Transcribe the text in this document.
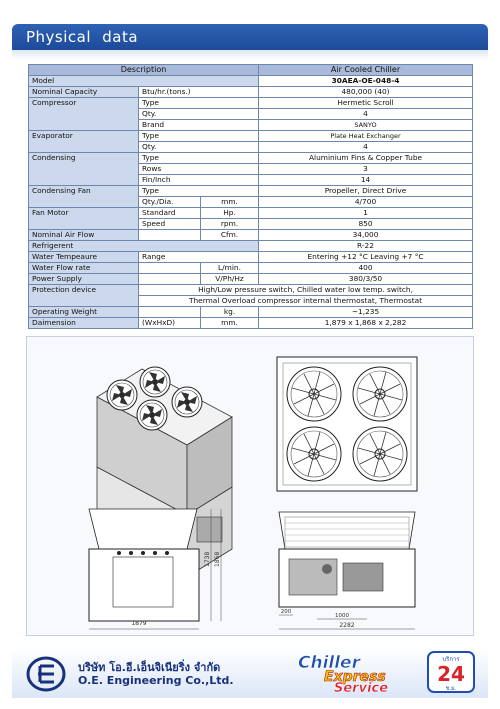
Physical data
Description			Air Cooled Chiller
Model			30AEA-OE-048-4
Nominal Capacity	Btu/hr.(tons.)		480,000 (40)
Compressor	Type		Hermetic Scroll
	Qty.		4
	Brand		SANYO
Evaporator	Type		Plate Heat Exchanger
	Qty.		4
Condensing	Type		Aluminium Fins & Copper Tube
	Rows		3
	Fin/Inch		14
Condensing Fan	Type		Propeller, Direct Drive
	Qty./Dia.	mm.	4/700
Fan Motor	Standard	Hp.	1
	Speed	rpm.	850
Nominal Air Flow		Cfm.	34,000
Refrigerent			R-22
Water Tempeaure	Range		Entering +12 °C Leaving +7 °C
Water Flow rate		L/min.	400
Power Supply		V/Ph/Hz	380/3/50
Protection device	High/Low pressure switch, Chilled water low temp. switch,		
	Thermal Overload compressor internal thermostat, Thermostat		
Operating Weight		kg.	~1,235
Daimension	(WxHxD)	mm.	1,879 x 1,868 x 2,282
1879
1738 1868
200
1000
2282
บริษัท โอ.อี.เอ็นจิเนียริ่ง จำกัด
O.E. Engineering Co.,Ltd.
Chiller
Express
Service
บริการ
24
ช.ม.
